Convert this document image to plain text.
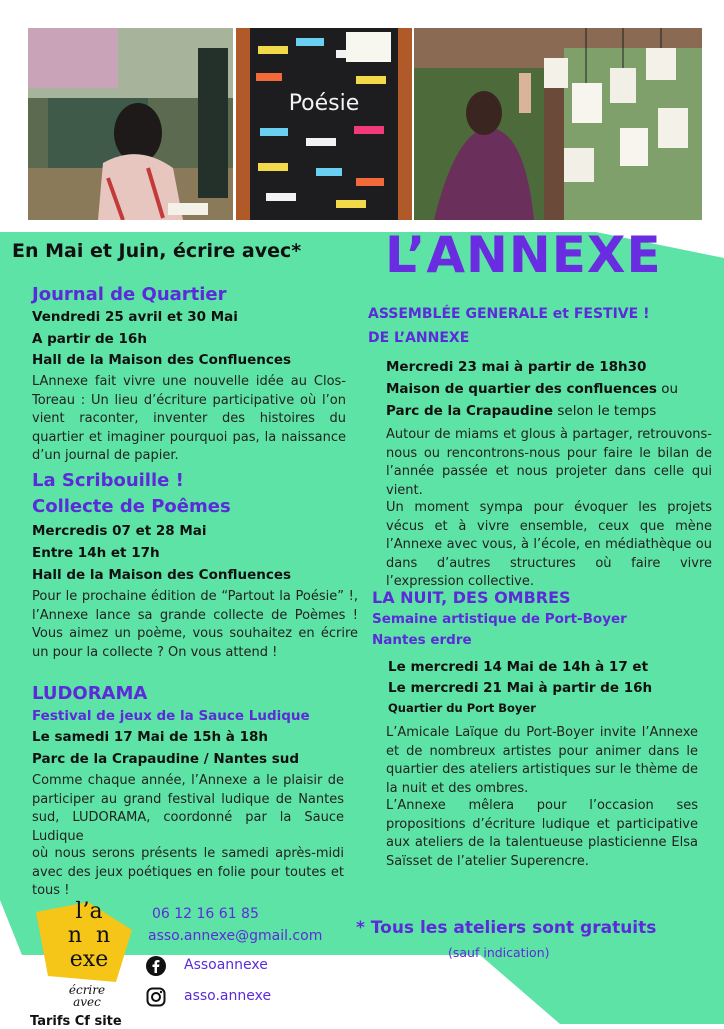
Poésie
En Mai et Juin, écrire avec* L’ANNEXE
Journal de Quartier
Vendredi 25 avril et 30 Mai
A partir de 16h
Hall de la Maison des Confluences
LAnnexe fait vivre une nouvelle idée au Clos-Toreau : Un lieu d’écriture participative où l’on vient raconter, inventer des histoires du quartier et imaginer pourquoi pas, la naissance d’un journal de papier.
La Scribouille !
Collecte de Poêmes
Mercredis 07 et 28 Mai
Entre 14h et 17h
Hall de la Maison des Confluences
Pour le prochaine édition de “Partout la Poésie” !, l’Annexe lance sa grande collecte de Poèmes ! Vous aimez un poème, vous souhaitez en écrire un pour la collecte ? On vous attend !
LUDORAMA
Festival de jeux de la Sauce Ludique
Le samedi 17 Mai de 15h à 18h
Parc de la Crapaudine / Nantes sud
Comme chaque année, l’Annexe a le plaisir de participer au grand festival ludique de Nantes sud, LUDORAMA, coordonné par la Sauce Ludique
où nous serons présents le samedi après-midi avec des jeux poétiques en folie pour toutes et tous !
ASSEMBLÉE GENERALE et FESTIVE !
DE L’ANNEXE
Mercredi 23 mai à partir de 18h30
Maison de quartier des confluences ou
Parc de la Crapaudine selon le temps
Autour de miams et glous à partager, retrouvons-nous ou rencontrons-nous pour faire le bilan de l’année passée et nous projeter dans celle qui vient.
Un moment sympa pour évoquer les projets vécus et à vivre ensemble, ceux que mène l’Annexe avec vous, à l’école, en médiathèque ou dans d’autres structures où faire vivre l’expression collective.
LA NUIT, DES OMBRES
Semaine artistique de Port-Boyer
Nantes erdre
Le mercredi 14 Mai de 14h à 17 et
Le mercredi 21 Mai à partir de 16h
Quartier du Port Boyer
L’Amicale Laïque du Port-Boyer invite l’Annexe et de nombreux artistes pour animer dans le quartier des ateliers artistiques sur le thème de la nuit et des ombres.
L’Annexe mêlera pour l’occasion ses propositions d’écriture ludique et participative aux ateliers de la talentueuse plasticienne Elsa Saïsset de l’atelier Superencre.
l’a
n  n
exe
écrire
avec
Tarifs Cf site
06 12 16 61 85
asso.annexe@gmail.com
Assoannexe
asso.annexe
* Tous les ateliers sont gratuits
(sauf indication)
